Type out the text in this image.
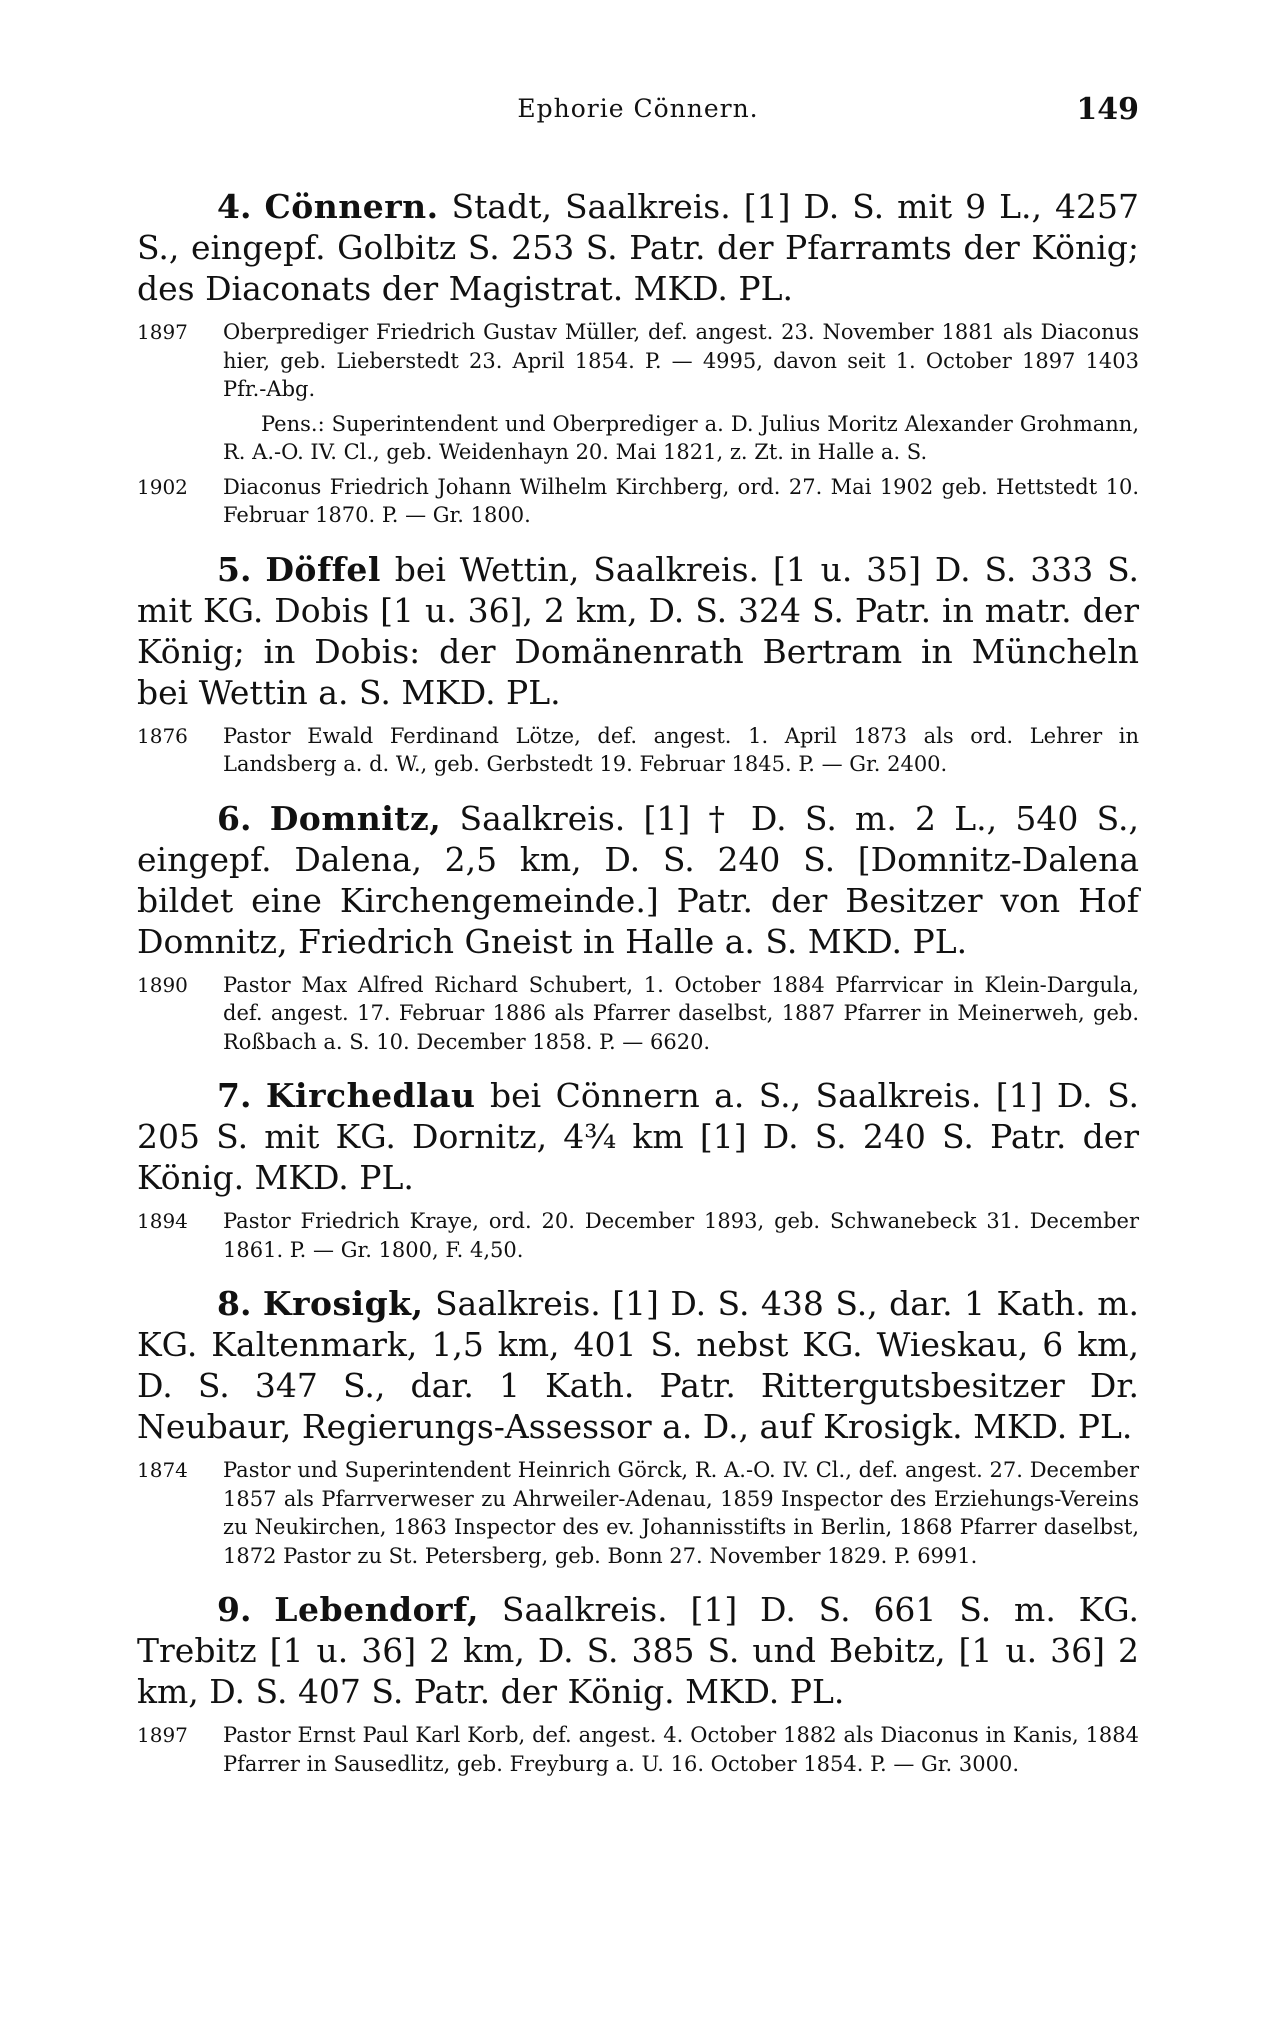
Ephorie Cönnern.	149

4. Cönnern. Stadt, Saalkreis. [1] D. S. mit 9 L., 4257 S., eingepf. Golbitz S. 253 S. Patr. der Pfarramts der König; des Diaconats der Magistrat. MKD. PL.

1897	Oberprediger Friedrich Gustav Müller, def. angest. 23. November 1881 als Diaconus hier, geb. Lieberstedt 23. April 1854. P. — 4995, davon seit 1. October 1897 1403 Pfr.-Abg.

Pens.: Superintendent und Oberprediger a. D. Julius Moritz Alexander Grohmann, R. A.-O. IV. Cl., geb. Weidenhayn 20. Mai 1821, z. Zt. in Halle a. S.

1902	Diaconus Friedrich Johann Wilhelm Kirchberg, ord. 27. Mai 1902 geb. Hettstedt 10. Februar 1870. P. — Gr. 1800.

5. Döffel bei Wettin, Saalkreis. [1 u. 35] D. S. 333 S. mit KG. Dobis [1 u. 36], 2 km, D. S. 324 S. Patr. in matr. der König; in Dobis: der Domänenrath Bertram in Müncheln bei Wettin a. S. MKD. PL.

1876	Pastor Ewald Ferdinand Lötze, def. angest. 1. April 1873 als ord. Lehrer in Landsberg a. d. W., geb. Gerbstedt 19. Februar 1845. P. — Gr. 2400.

6. Domnitz, Saalkreis. [1] † D. S. m. 2 L., 540 S., eingepf. Dalena, 2,5 km, D. S. 240 S. [Domnitz-Dalena bildet eine Kirchengemeinde.] Patr. der Besitzer von Hof Domnitz, Friedrich Gneist in Halle a. S. MKD. PL.

1890	Pastor Max Alfred Richard Schubert, 1. October 1884 Pfarrvicar in Klein-Dargula, def. angest. 17. Februar 1886 als Pfarrer daselbst, 1887 Pfarrer in Meinerweh, geb. Roßbach a. S. 10. December 1858. P. — 6620.

7. Kirchedlau bei Cönnern a. S., Saalkreis. [1] D. S. 205 S. mit KG. Dornitz, 4¾ km [1] D. S. 240 S. Patr. der König. MKD. PL.

1894	Pastor Friedrich Kraye, ord. 20. December 1893, geb. Schwanebeck 31. December 1861. P. — Gr. 1800, F. 4,50.

8. Krosigk, Saalkreis. [1] D. S. 438 S., dar. 1 Kath. m. KG. Kaltenmark, 1,5 km, 401 S. nebst KG. Wieskau, 6 km, D. S. 347 S., dar. 1 Kath. Patr. Rittergutsbesitzer Dr. Neubaur, Regierungs-Assessor a. D., auf Krosigk. MKD. PL.

1874	Pastor und Superintendent Heinrich Görck, R. A.-O. IV. Cl., def. angest. 27. December 1857 als Pfarrverweser zu Ahrweiler-Adenau, 1859 Inspector des Erziehungs-Vereins zu Neukirchen, 1863 Inspector des ev. Johannisstifts in Berlin, 1868 Pfarrer daselbst, 1872 Pastor zu St. Petersberg, geb. Bonn 27. November 1829. P. 6991.

9. Lebendorf, Saalkreis. [1] D. S. 661 S. m. KG. Trebitz [1 u. 36] 2 km, D. S. 385 S. und Bebitz, [1 u. 36] 2 km, D. S. 407 S. Patr. der König. MKD. PL.

1897	Pastor Ernst Paul Karl Korb, def. angest. 4. October 1882 als Diaconus in Kanis, 1884 Pfarrer in Sausedlitz, geb. Freyburg a. U. 16. October 1854. P. — Gr. 3000.
